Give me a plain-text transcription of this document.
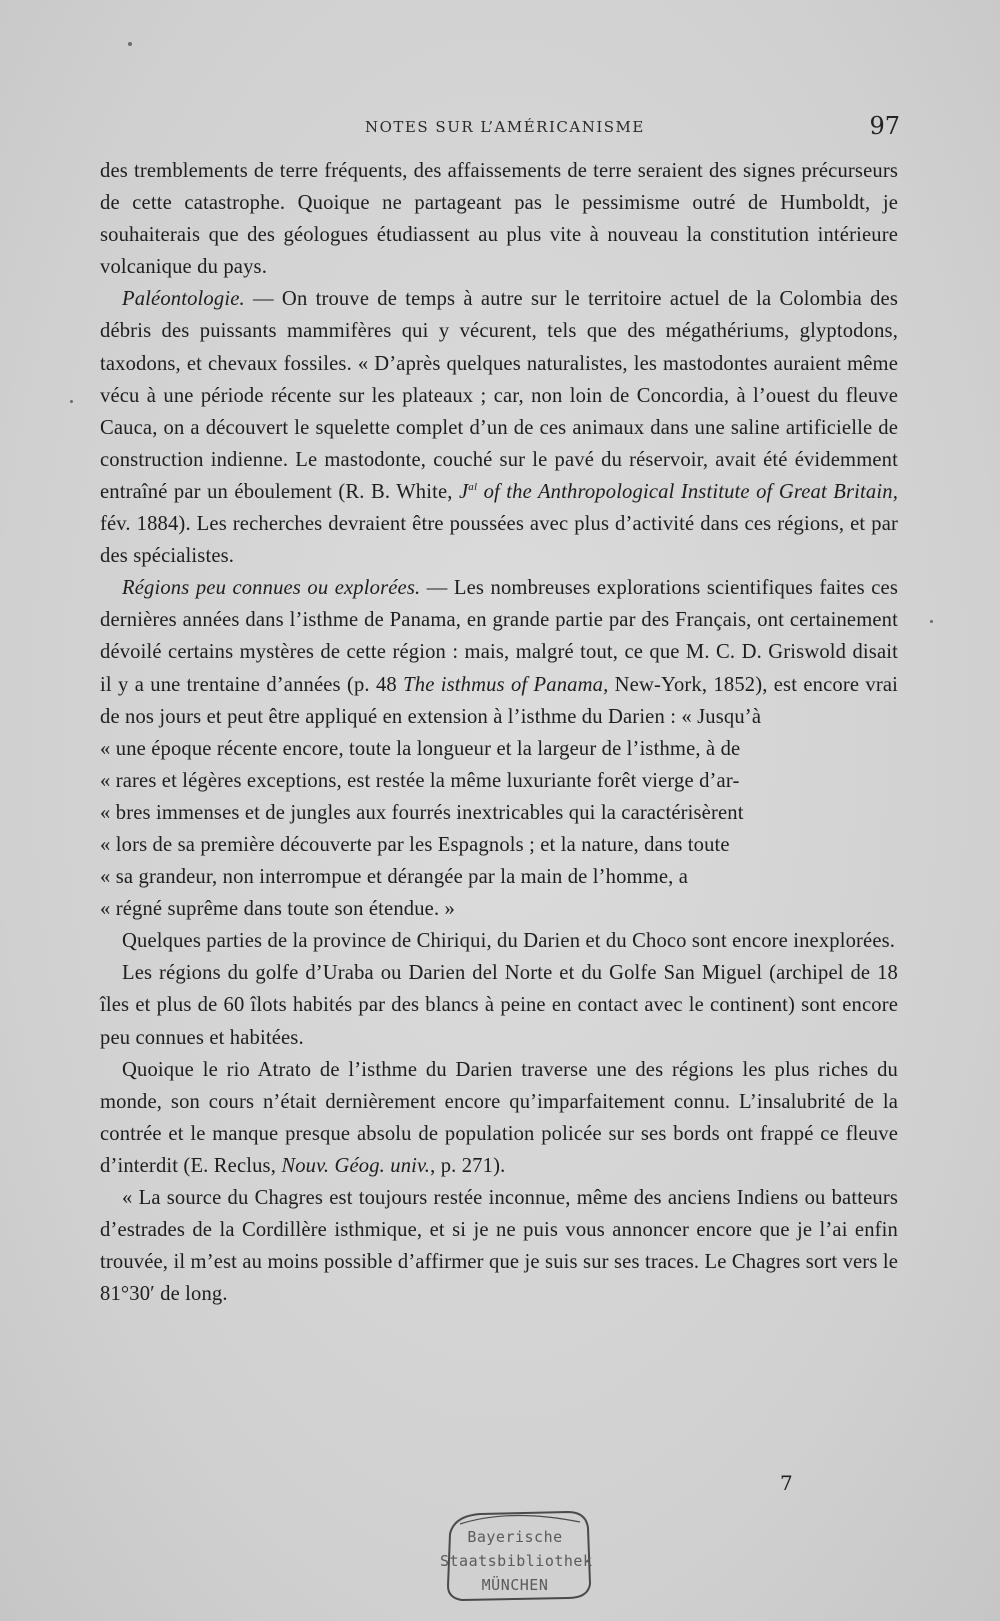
NOTES SUR L’AMÉRICANISME	97

des tremblements de terre fréquents, des affaissements de terre seraient des signes précurseurs de cette catastrophe. Quoique ne partageant pas le pessimisme outré de Humboldt, je souhaiterais que des géologues étudiassent au plus vite à nouveau la constitution intérieure volcanique du pays.

Paléontologie. — On trouve de temps à autre sur le territoire actuel de la Colombia des débris des puissants mammifères qui y vécurent, tels que des mégathériums, glyptodons, taxodons, et chevaux fossiles. « D’après quelques naturalistes, les mastodontes auraient même vécu à une période récente sur les plateaux ; car, non loin de Concordia, à l’ouest du fleuve Cauca, on a découvert le squelette complet d’un de ces animaux dans une saline artificielle de construction indienne. Le mastodonte, couché sur le pavé du réservoir, avait été évidemment entraîné par un éboulement (R. B. White, $J^{al}$ of the Anthropological Institute of Great Britain, fév. 1884). Les recherches devraient être poussées avec plus d’activité dans ces régions, et par des spécialistes.

Régions peu connues ou explorées. — Les nombreuses explorations scientifiques faites ces dernières années dans l’isthme de Panama, en grande partie par des Français, ont certainement dévoilé certains mystères de cette région : mais, malgré tout, ce que M. C. D. Griswold disait il y a une trentaine d’années (p. 48 The isthmus of Panama, New-York, 1852), est encore vrai de nos jours et peut être appliqué en extension à l’isthme du Darien : « Jusqu’à

« une époque récente encore, toute la longueur et la largeur de l’isthme, à de

« rares et légères exceptions, est restée la même luxuriante forêt vierge d’ar-

« bres immenses et de jungles aux fourrés inextricables qui la caractérisèrent

« lors de sa première découverte par les Espagnols ; et la nature, dans toute

« sa grandeur, non interrompue et dérangée par la main de l’homme, a

« régné suprême dans toute son étendue. »

Quelques parties de la province de Chiriqui, du Darien et du Choco sont encore inexplorées.

Les régions du golfe d’Uraba ou Darien del Norte et du Golfe San Miguel (archipel de 18 îles et plus de 60 îlots habités par des blancs à peine en contact avec le continent) sont encore peu connues et habitées.

Quoique le rio Atrato de l’isthme du Darien traverse une des régions les plus riches du monde, son cours n’était dernièrement encore qu’imparfaitement connu. L’insalubrité de la contrée et le manque presque absolu de population policée sur ses bords ont frappé ce fleuve d’interdit (E. Reclus, Nouv. Géog. univ., p. 271).

« La source du Chagres est toujours restée inconnue, même des anciens Indiens ou batteurs d’estrades de la Cordillère isthmique, et si je ne puis vous annoncer encore que je l’ai enfin trouvée, il m’est au moins possible d’affirmer que je suis sur ses traces. Le Chagres sort vers le 81°30′ de long.

7
Bayerische
Staatsbibliothek
MÜNCHEN
